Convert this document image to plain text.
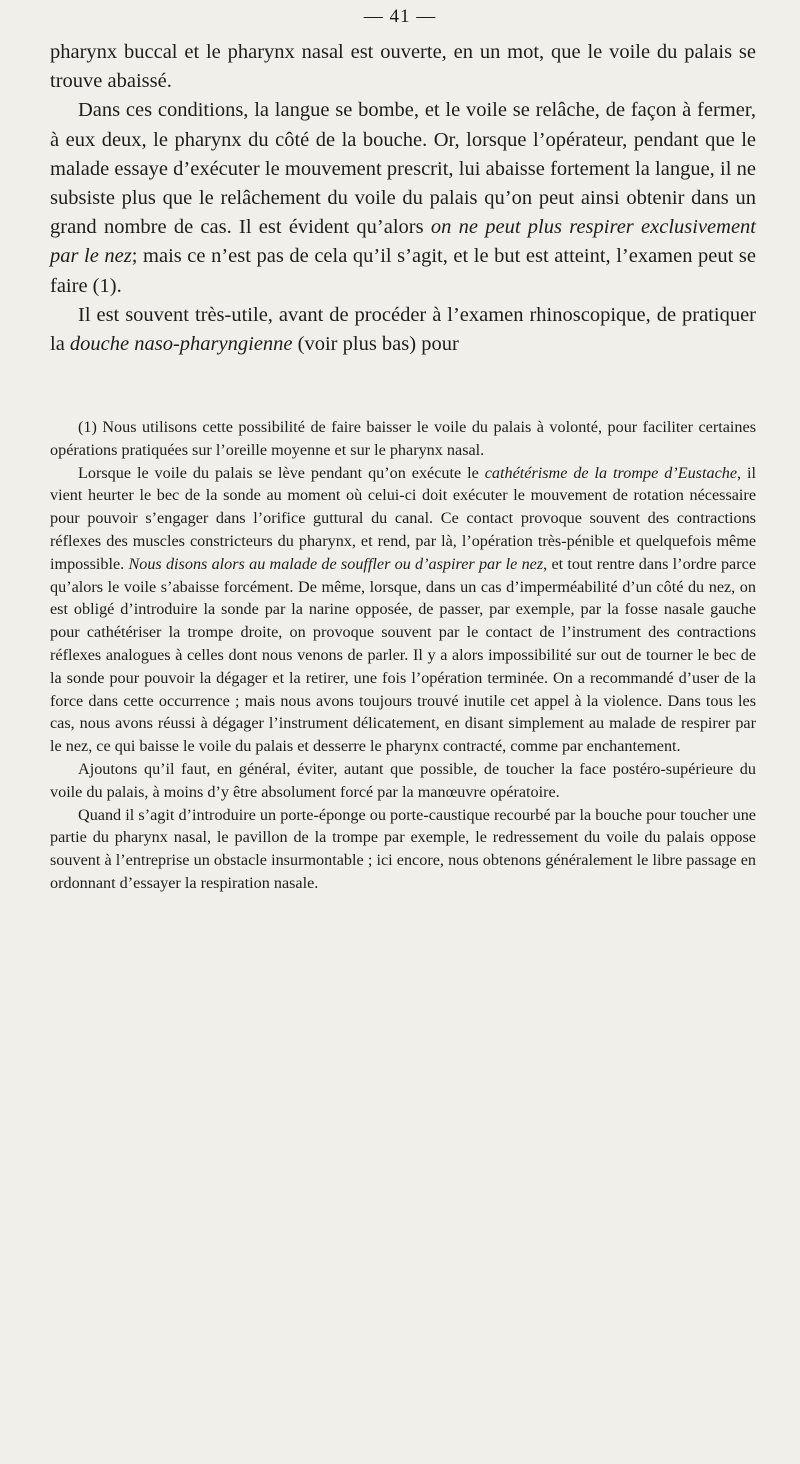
— 41 —

pharynx buccal et le pharynx nasal est ouverte, en un mot, que le voile du palais se trouve abaissé.

Dans ces conditions, la langue se bombe, et le voile se relâche, de façon à fermer, à eux deux, le pharynx du côté de la bouche. Or, lorsque l’opérateur, pendant que le malade essaye d’exécuter le mouvement prescrit, lui abaisse fortement la langue, il ne subsiste plus que le relâchement du voile du palais qu’on peut ainsi obtenir dans un grand nombre de cas. Il est évident qu’alors on ne peut plus respirer exclusivement par le nez; mais ce n’est pas de cela qu’il s’agit, et le but est atteint, l’examen peut se faire (1).

Il est souvent très-utile, avant de procéder à l’examen rhinoscopique, de pratiquer la douche naso-pharyngienne (voir plus bas) pour

(1) Nous utilisons cette possibilité de faire baisser le voile du palais à volonté, pour faciliter certaines opérations pratiquées sur l’oreille moyenne et sur le pharynx nasal.

Lorsque le voile du palais se lève pendant qu’on exécute le cathétérisme de la trompe d’Eustache, il vient heurter le bec de la sonde au moment où celui-ci doit exécuter le mouvement de rotation nécessaire pour pouvoir s’engager dans l’orifice guttural du canal. Ce contact provoque souvent des contractions réflexes des muscles constricteurs du pharynx, et rend, par là, l’opération très-pénible et quelquefois même impossible. Nous disons alors au malade de souffler ou d’aspirer par le nez, et tout rentre dans l’ordre parce qu’alors le voile s’abaisse forcément. De même, lorsque, dans un cas d’imperméabilité d’un côté du nez, on est obligé d’introduire la sonde par la narine opposée, de passer, par exemple, par la fosse nasale gauche pour cathétériser la trompe droite, on provoque souvent par le contact de l’instrument des contractions réflexes analogues à celles dont nous venons de parler. Il y a alors impossibilité sur out de tourner le bec de la sonde pour pouvoir la dégager et la retirer, une fois l’opération terminée. On a recommandé d’user de la force dans cette occurrence ; mais nous avons toujours trouvé inutile cet appel à la violence. Dans tous les cas, nous avons réussi à dégager l’instrument délicatement, en disant simplement au malade de respirer par le nez, ce qui baisse le voile du palais et desserre le pharynx contracté, comme par enchantement.

Ajoutons qu’il faut, en général, éviter, autant que possible, de toucher la face postéro-supérieure du voile du palais, à moins d’y être absolument forcé par la manœuvre opératoire.

Quand il s’agit d’introduire un porte-éponge ou porte-caustique recourbé par la bouche pour toucher une partie du pharynx nasal, le pavillon de la trompe par exemple, le redressement du voile du palais oppose souvent à l’entreprise un obstacle insurmontable ; ici encore, nous obtenons généralement le libre passage en ordonnant d’essayer la respiration nasale.
